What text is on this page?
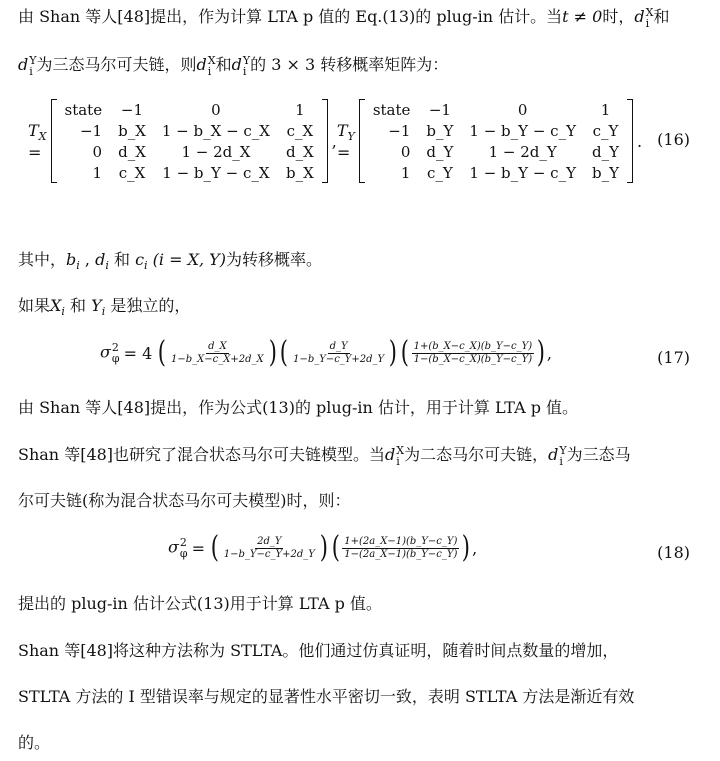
由 Shan 等人[48]提出，作为计算 LTA p 值的 Eq.(13)的 plug-in 估计。当t ≠ 0时，d X
i 和
d Y
i 为三态马尔可夫链，则d X
i 和d Y
i 的 3 × 3 转移概率矩阵为：
$T_X$ =
state	−1	0	1
−1	b_X	1 − b_X − c_X	c_X
0	d_X	1 − 2d_X	d_X
1	c_X	1 − b_Y − c_X	b_X
,
$T_Y$ =
state	−1	0	1
−1	b_Y	1 − b_Y − c_Y	c_Y
0	d_Y	1 − 2d_Y	d_Y
1	c_Y	1 − b_Y − c_Y	b_Y
. (16)
其中，$b_i$ , $d_i$ 和 $c_i$ (i = X, Y)为转移概率。
如果$X_i$ 和 $Y_i$ 是独立的，
σ 2
φ = 4 ( $\frac{d\_X}{1-b\_X-c\_X+2d\_X}$ ) ( $\frac{d\_Y}{1-b\_Y-c\_Y+2d\_Y}$ ) ( $\frac{1+(b\_X-c\_X)(b\_Y-c\_Y)}{1-(b\_X-c\_X)(b\_Y-c\_Y)}$ ) ,	(17)
由 Shan 等人[48]提出，作为公式(13)的 plug-in 估计，用于计算 LTA p 值。
Shan 等[48]也研究了混合状态马尔可夫链模型。当d X
i 为二态马尔可夫链，d Y
i 为三态马
尔可夫链(称为混合状态马尔可夫模型)时，则：
σ 2
φ = ( $\frac{2d\_Y}{1-b\_Y-c\_Y+2d\_Y}$ ) ( $\frac{1+(2a\_X-1)(b\_Y-c\_Y)}{1-(2a\_X-1)(b\_Y-c\_Y)}$ ) ,	(18)
提出的 plug-in 估计公式(13)用于计算 LTA p 值。
Shan 等[48]将这种方法称为 STLTA。他们通过仿真证明，随着时间点数量的增加，
STLTA 方法的 I 型错误率与规定的显著性水平密切一致，表明 STLTA 方法是渐近有效
的。
